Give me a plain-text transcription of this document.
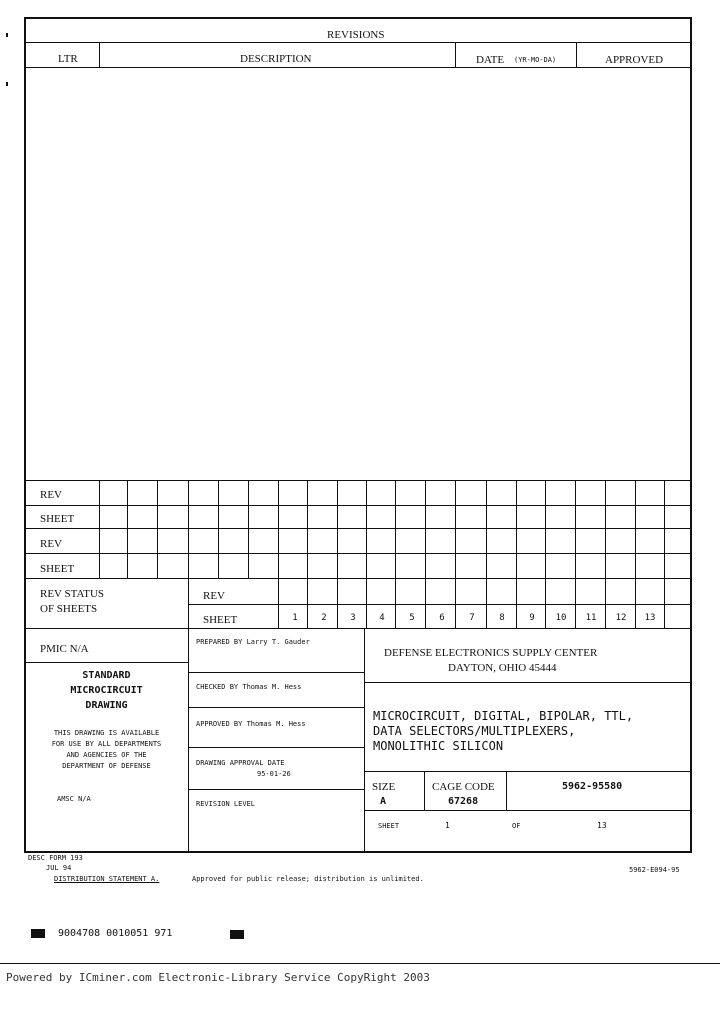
REVISIONS
LTR	DESCRIPTION	DATE (YR-MO-DA)	APPROVED
REV
SHEET
REV
SHEET
REV STATUS
OF SHEETS
REV
SHEET	1	2	3	4	5	6	7	8	9	10	11	12	13
PMIC N/A
STANDARD
MICROCIRCUIT
DRAWING
THIS DRAWING IS AVAILABLE
FOR USE BY ALL DEPARTMENTS
AND AGENCIES OF THE
DEPARTMENT OF DEFENSE
AMSC N/A
PREPARED BY Larry T. Gauder
CHECKED BY Thomas M. Hess
APPROVED BY Thomas M. Hess
DRAWING APPROVAL DATE
95-01-26
REVISION LEVEL
DEFENSE ELECTRONICS SUPPLY CENTER
DAYTON, OHIO 45444
MICROCIRCUIT, DIGITAL, BIPOLAR, TTL,
DATA SELECTORS/MULTIPLEXERS,
MONOLITHIC SILICON
SIZE
A
CAGE CODE
67268
5962-95580
SHEET	1	OF	13
DESC FORM 193
JUL 94
DISTRIBUTION STATEMENT A.	Approved for public release; distribution is unlimited.
5962-E094-95
9004708 0010051 971
Powered by ICminer.com Electronic-Library Service CopyRight 2003
